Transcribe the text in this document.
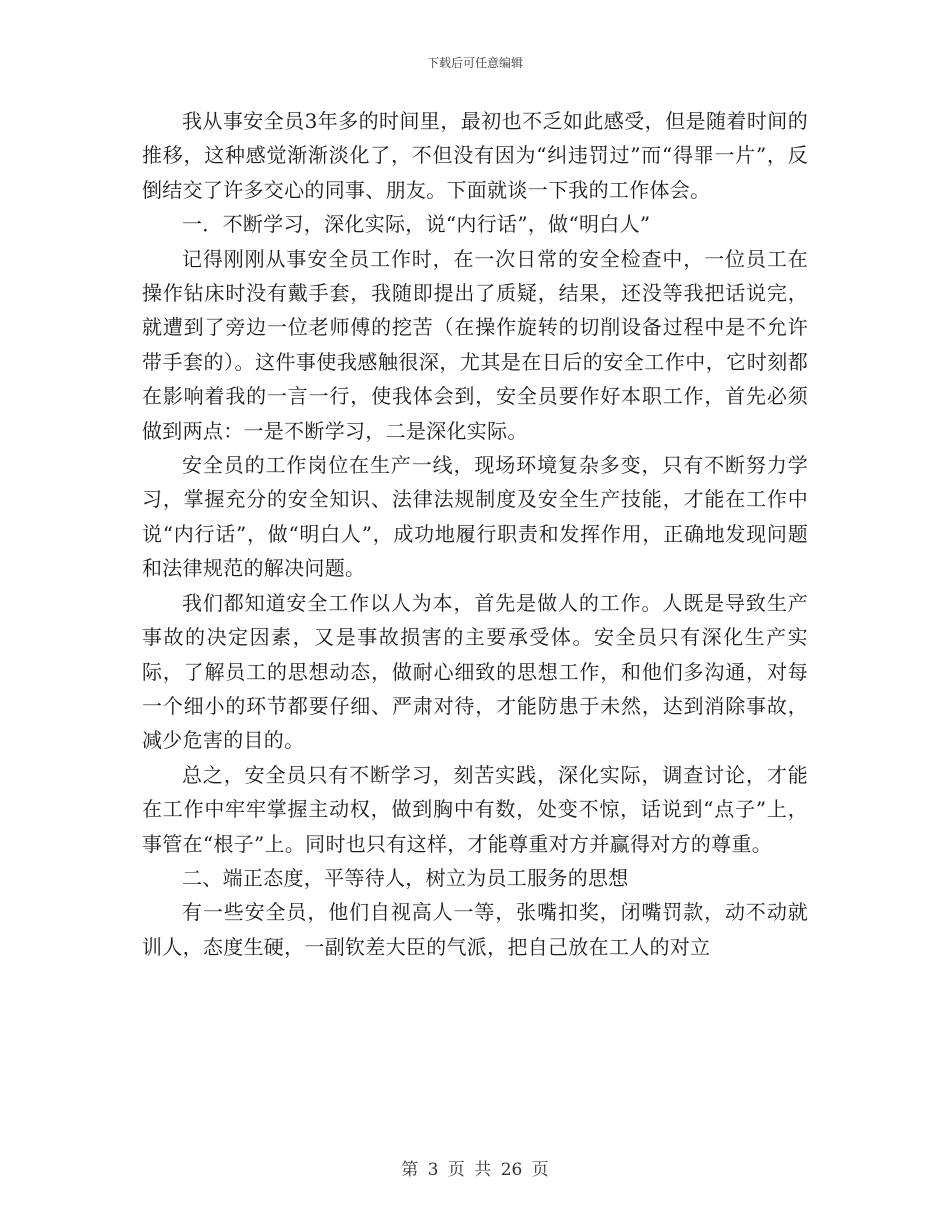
下载后可任意编辑

我从事安全员3年多的时间里，最初也不乏如此感受，但是随着时间的推移，这种感觉渐渐淡化了，不但没有因为“纠违罚过”而“得罪一片”，反倒结交了许多交心的同事、朋友。下面就谈一下我的工作体会。

一．不断学习，深化实际，说“内行话”，做“明白人”

记得刚刚从事安全员工作时，在一次日常的安全检查中，一位员工在操作钻床时没有戴手套，我随即提出了质疑，结果，还没等我把话说完，就遭到了旁边一位老师傅的挖苦（在操作旋转的切削设备过程中是不允许带手套的）。这件事使我感触很深，尤其是在日后的安全工作中，它时刻都在影响着我的一言一行，使我体会到，安全员要作好本职工作，首先必须做到两点：一是不断学习，二是深化实际。

安全员的工作岗位在生产一线，现场环境复杂多变，只有不断努力学习，掌握充分的安全知识、法律法规制度及安全生产技能，才能在工作中说“内行话”，做“明白人”，成功地履行职责和发挥作用，正确地发现问题和法律规范的解决问题。

我们都知道安全工作以人为本，首先是做人的工作。人既是导致生产事故的决定因素，又是事故损害的主要承受体。安全员只有深化生产实际，了解员工的思想动态，做耐心细致的思想工作，和他们多沟通，对每一个细小的环节都要仔细、严肃对待，才能防患于未然，达到消除事故，减少危害的目的。

总之，安全员只有不断学习，刻苦实践，深化实际，调查讨论，才能在工作中牢牢掌握主动权，做到胸中有数，处变不惊，话说到“点子”上，事管在“根子”上。同时也只有这样，才能尊重对方并赢得对方的尊重。

二、端正态度，平等待人，树立为员工服务的思想

有一些安全员，他们自视高人一等，张嘴扣奖，闭嘴罚款，动不动就训人，态度生硬，一副钦差大臣的气派，把自己放在工人的对立

第 3 页 共 26 页
